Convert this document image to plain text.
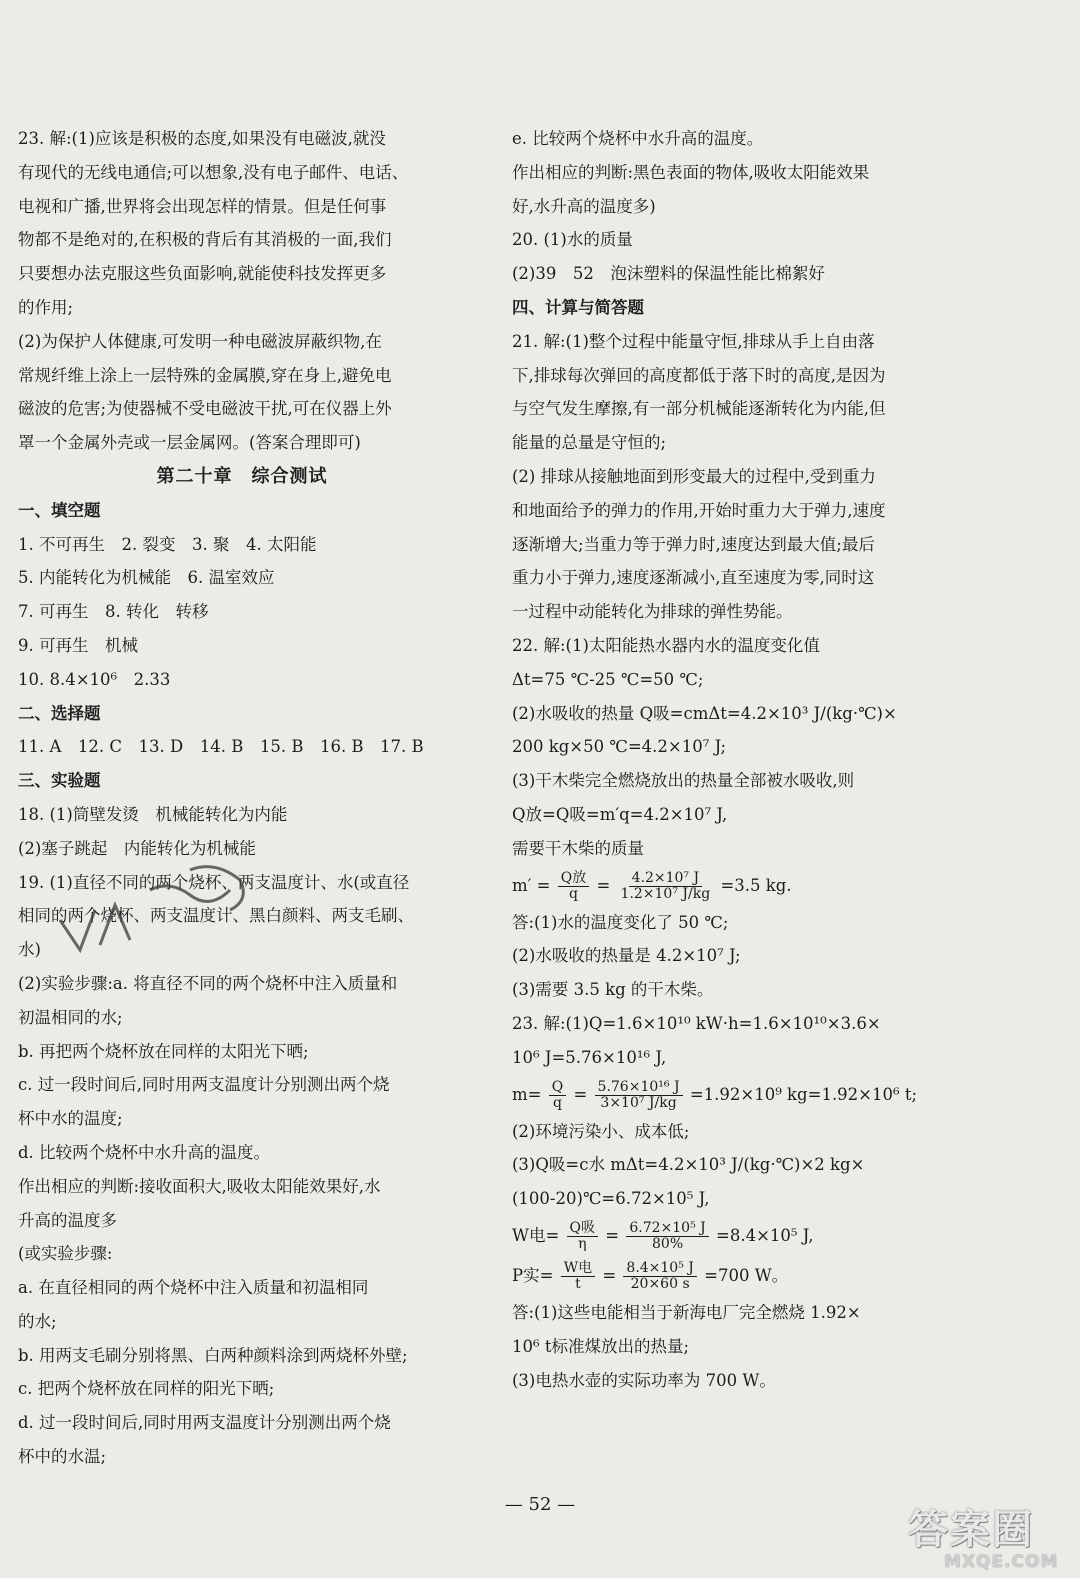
23. 解:(1)应该是积极的态度,如果没有电磁波,就没
有现代的无线电通信;可以想象,没有电子邮件、电话、
电视和广播,世界将会出现怎样的情景。但是任何事
物都不是绝对的,在积极的背后有其消极的一面,我们
只要想办法克服这些负面影响,就能使科技发挥更多
的作用;
(2)为保护人体健康,可发明一种电磁波屏蔽织物,在
常规纤维上涂上一层特殊的金属膜,穿在身上,避免电
磁波的危害;为使器械不受电磁波干扰,可在仪器上外
罩一个金属外壳或一层金属网。(答案合理即可)
第二十章　综合测试
一、填空题
1. 不可再生　2. 裂变　3. 聚　4. 太阳能
5. 内能转化为机械能　6. 温室效应
7. 可再生　8. 转化　转移
9. 可再生　机械
10. 8.4×10⁶　2.33
二、选择题
11. A　12. C　13. D　14. B　15. B　16. B　17. B
三、实验题
18. (1)筒壁发烫　机械能转化为内能
(2)塞子跳起　内能转化为机械能
19. (1)直径不同的两个烧杯、两支温度计、水(或直径
相同的两个烧杯、两支温度计、黑白颜料、两支毛刷、
水)
(2)实验步骤:a. 将直径不同的两个烧杯中注入质量和
初温相同的水;
b. 再把两个烧杯放在同样的太阳光下晒;
c. 过一段时间后,同时用两支温度计分别测出两个烧
杯中水的温度;
d. 比较两个烧杯中水升高的温度。
作出相应的判断:接收面积大,吸收太阳能效果好,水
升高的温度多
(或实验步骤:
a. 在直径相同的两个烧杯中注入质量和初温相同
的水;
b. 用两支毛刷分别将黑、白两种颜料涂到两烧杯外壁;
c. 把两个烧杯放在同样的阳光下晒;
d. 过一段时间后,同时用两支温度计分别测出两个烧
杯中的水温;
e. 比较两个烧杯中水升高的温度。
作出相应的判断:黑色表面的物体,吸收太阳能效果
好,水升高的温度多)
20. (1)水的质量
(2)39　52　泡沫塑料的保温性能比棉絮好
四、计算与简答题
21. 解:(1)整个过程中能量守恒,排球从手上自由落
下,排球每次弹回的高度都低于落下时的高度,是因为
与空气发生摩擦,有一部分机械能逐渐转化为内能,但
能量的总量是守恒的;
(2) 排球从接触地面到形变最大的过程中,受到重力
和地面给予的弹力的作用,开始时重力大于弹力,速度
逐渐增大;当重力等于弹力时,速度达到最大值;最后
重力小于弹力,速度逐渐减小,直至速度为零,同时这
一过程中动能转化为排球的弹性势能。
22. 解:(1)太阳能热水器内水的温度变化值
Δt=75 ℃-25 ℃=50 ℃;
(2)水吸收的热量 Q吸=cmΔt=4.2×10³ J/(kg·℃)×
200 kg×50 ℃=4.2×10⁷ J;
(3)干木柴完全燃烧放出的热量全部被水吸收,则
Q放=Q吸=m′q=4.2×10⁷ J,
需要干木柴的质量
$m' = \frac{\text{Q放}}{q} = \frac{\text{4.2×10⁷ J}}{\text{1.2×10⁷ J/kg}} =3.5$ kg.
答:(1)水的温度变化了 50 ℃;
(2)水吸收的热量是 4.2×10⁷ J;
(3)需要 3.5 kg 的干木柴。
23. 解:(1)Q=1.6×10¹⁰ kW·h=1.6×10¹⁰×3.6×
10⁶ J=5.76×10¹⁶ J,
$m= \frac{Q}{q} = \frac{\text{5.76×10¹⁶ J}}{\text{3×10⁷ J/kg}} =1.92\times 10^9$ kg=1.92×10⁶ t;
(2)环境污染小、成本低;
(3)Q吸=c水 mΔt=4.2×10³ J/(kg·℃)×2 kg×
(100-20)℃=6.72×10⁵ J,
W电= $\frac{\text{Q吸}}{\eta} = \frac{\text{6.72×10⁵ J}}{80\%} =8.4\times 10^5$ J,
P实= $\frac{\text{W电}}{t} = \frac{\text{8.4×10⁵ J}}{20\times 60 s} =700$ W。
答:(1)这些电能相当于新海电厂完全燃烧 1.92×
10⁶ t标准煤放出的热量;
(3)电热水壶的实际功率为 700 W。
— 52 —
答案圈
MXQE.COM
